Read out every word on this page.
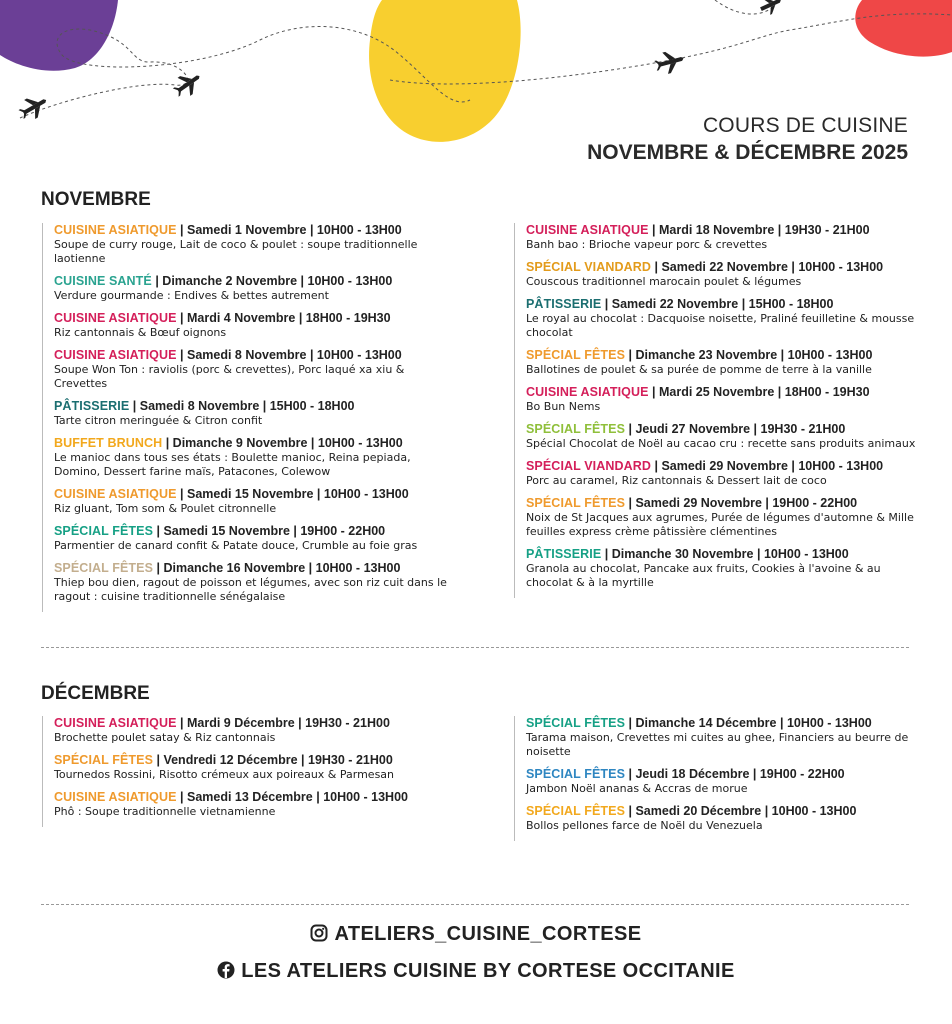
COURS DE CUISINE
NOVEMBRE & DÉCEMBRE 2025
NOVEMBRE
CUISINE ASIATIQUE | Samedi 1 Novembre | 10H00 - 13H00
Soupe de curry rouge, Lait de coco & poulet : soupe traditionnelle laotienne
CUISINE SANTÉ | Dimanche 2 Novembre | 10H00 - 13H00
Verdure gourmande : Endives & bettes autrement
CUISINE ASIATIQUE | Mardi 4 Novembre | 18H00 - 19H30
Riz cantonnais & Bœuf oignons
CUISINE ASIATIQUE | Samedi 8 Novembre | 10H00 - 13H00
Soupe Won Ton : raviolis (porc & crevettes), Porc laqué xa xiu & Crevettes
PÂTISSERIE | Samedi 8 Novembre | 15H00 - 18H00
Tarte citron meringuée & Citron confit
BUFFET BRUNCH | Dimanche 9 Novembre | 10H00 - 13H00
Le manioc dans tous ses états : Boulette manioc, Reina pepiada, Domino, Dessert farine maïs, Patacones, Colewow
CUISINE ASIATIQUE | Samedi 15 Novembre | 10H00 - 13H00
Riz gluant, Tom som & Poulet citronnelle
SPÉCIAL FÊTES | Samedi 15 Novembre | 19H00 - 22H00
Parmentier de canard confit & Patate douce, Crumble au foie gras
SPÉCIAL FÊTES | Dimanche 16 Novembre | 10H00 - 13H00
Thiep bou dien, ragout de poisson et légumes, avec son riz cuit dans le ragout : cuisine traditionnelle sénégalaise
CUISINE ASIATIQUE | Mardi 18 Novembre | 19H30 - 21H00
Banh bao : Brioche vapeur porc & crevettes
SPÉCIAL VIANDARD | Samedi 22 Novembre | 10H00 - 13H00
Couscous traditionnel marocain poulet & légumes
PÂTISSERIE | Samedi 22 Novembre | 15H00 - 18H00
Le royal au chocolat : Dacquoise noisette, Praliné feuilletine & mousse chocolat
SPÉCIAL FÊTES | Dimanche 23 Novembre | 10H00 - 13H00
Ballotines de poulet & sa purée de pomme de terre à la vanille
CUISINE ASIATIQUE | Mardi 25 Novembre | 18H00 - 19H30
Bo Bun Nems
SPÉCIAL FÊTES | Jeudi 27 Novembre | 19H30 - 21H00
Spécial Chocolat de Noël au cacao cru : recette sans produits animaux
SPÉCIAL VIANDARD | Samedi 29 Novembre | 10H00 - 13H00
Porc au caramel, Riz cantonnais & Dessert lait de coco
SPÉCIAL FÊTES | Samedi 29 Novembre | 19H00 - 22H00
Noix de St Jacques aux agrumes, Purée de légumes d'automne & Mille feuilles express crème pâtissière clémentines
PÂTISSERIE | Dimanche 30 Novembre | 10H00 - 13H00
Granola au chocolat, Pancake aux fruits, Cookies à l'avoine & au chocolat & à la myrtille
DÉCEMBRE
CUISINE ASIATIQUE | Mardi 9 Décembre | 19H30 - 21H00
Brochette poulet satay & Riz cantonnais
SPÉCIAL FÊTES | Vendredi 12 Décembre | 19H30 - 21H00
Tournedos Rossini, Risotto crémeux aux poireaux & Parmesan
CUISINE ASIATIQUE | Samedi 13 Décembre | 10H00 - 13H00
Phô : Soupe traditionnelle vietnamienne
SPÉCIAL FÊTES | Dimanche 14 Décembre | 10H00 - 13H00
Tarama maison, Crevettes mi cuites au ghee, Financiers au beurre de noisette
SPÉCIAL FÊTES | Jeudi 18 Décembre | 19H00 - 22H00
Jambon Noël ananas & Accras de morue
SPÉCIAL FÊTES | Samedi 20 Décembre | 10H00 - 13H00
Bollos pellones farce de Noël du Venezuela
ATELIERS_CUISINE_CORTESE
LES ATELIERS CUISINE BY CORTESE OCCITANIE
